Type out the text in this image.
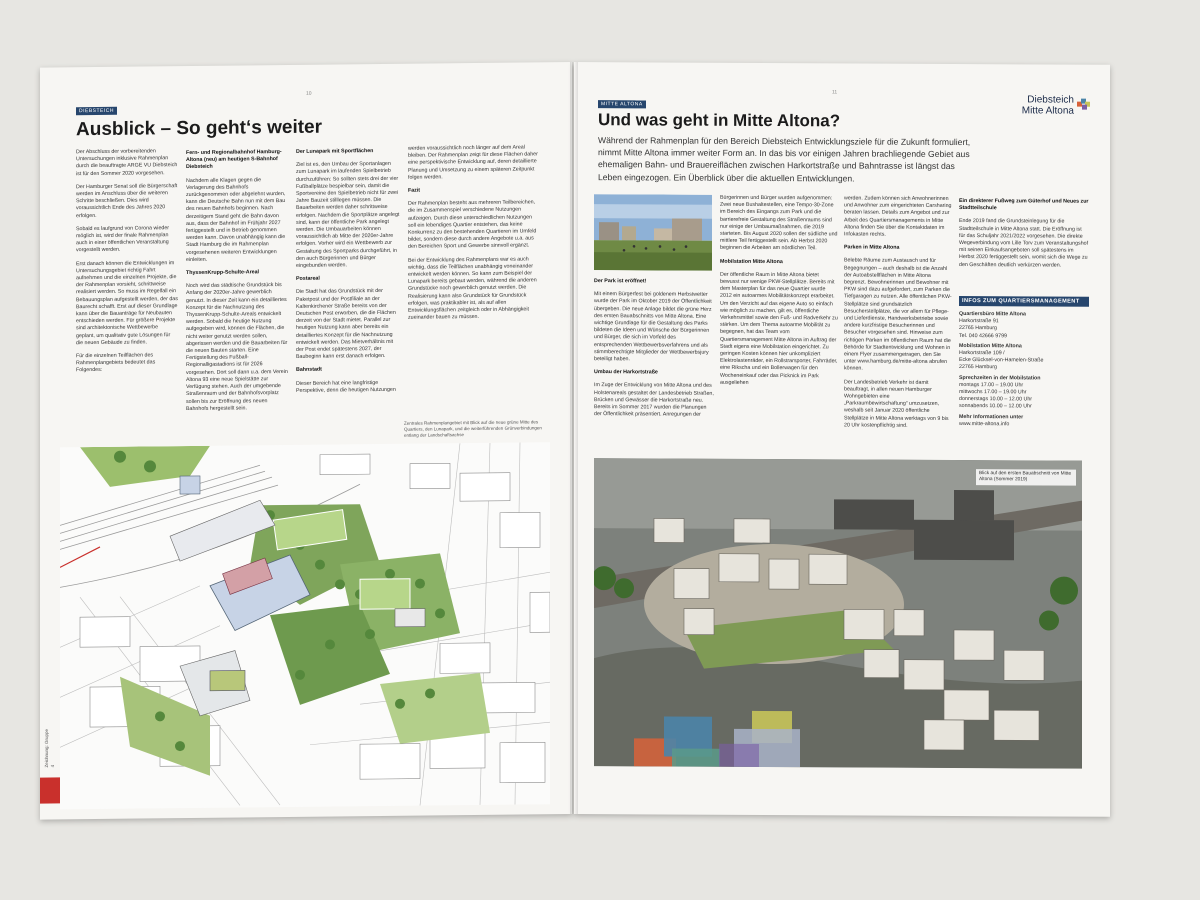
10
DIEBSTEICH
Ausblick – So geht‘s weiter

Der Abschluss der vorbereitenden Untersuchungen inklusive Rahmenplan durch die beauftragte ARGE VU Diebsteich ist für den Sommer 2020 vorgesehen.

Der Hamburger Senat soll die Bürgerschaft werden im Anschluss über die weiteren Schritte beschließen. Dies wird voraussichtlich Ende des Jahres 2020 erfolgen.

Sobald es laufgrund von Corona wieder möglich ist, wird der finale Rahmenplan auch in einer öffentlichen Veranstaltung vorgestellt werden.

Erst danach können die Entwicklungen im Untersuchungsgebiet richtig Fahrt aufnehmen und die einzelnen Projekte, die der Rahmenplan vorsieht, schrittweise realisiert werden. So muss im Regelfall ein Bebauungsplan aufgestellt werden, der das Baurecht schafft. Erst auf dieser Grundlage kann über die Bauanträge für Neubauten entschieden werden. Für größere Projekte sind architektonische Wettbewerbe geplant, um qualitativ gute Lösungen für die neuen Gebäude zu finden.

Für die einzelnen Teilflächen des Rahmenplangebiets bedeutet das Folgendes:

Fern- und Regionalbahnhof Hamburg-Altona (neu) am heutigen S-Bahnhof Diebsteich

Nachdem alle Klagen gegen die Verlagerung des Bahnhofs zurückgenommen oder abgelehnt wurden, kann die Deutsche Bahn nun mit dem Bau des neuen Bahnhofs beginnen. Nach derzeitigem Stand geht die Bahn davon aus, dass der Bahnhof im Frühjahr 2027 fertiggestellt und in Betrieb genommen werden kann. Davon unabhängig kann die Stadt Hamburg die im Rahmenplan vorgesehenen weiteren Entwicklungen einleiten.

ThyssenKrupp-Schulte-Areal

Noch wird das städtische Grundstück bis Anfang der 2020er-Jahre gewerblich genutzt. In dieser Zeit kann ein detailliertes Konzept für die Nachnutzung des ThyssenKrupp-Schulte-Areals entwickelt werden. Sobald die heutige Nutzung aufgegeben wird, können die Flächen, die nicht weiter genutzt werden sollen, abgerissen werden und die Bauarbeiten für die neuen Bauten starten. Eine Fertigstellung des Fußball-Regionalligastadions ist für 2026 vorgesehen. Dort soll dann u.a. dem Verein Altona 93 eine neue Spielstätte zur Verfügung stehen. Auch der umgebende Straßenraum und der Bahnhofsvorplatz sollen bis zur Eröffnung des neuen Bahnhofs hergestellt sein.

Der Lunapark mit Sportflächen

Ziel ist es, den Umbau der Sportanlagen zum Lunapark im laufenden Spielbetrieb durchzuführen: So sollten stets drei der vier Fußballplätze bespielbar sein, damit die Sportvereine den Spielbetrieb nicht für zwei Jahre Bauzeit stilllegen müssen. Die Bauarbeiten werden daher schrittweise erfolgen. Nachdem die Sportplätze angelegt sind, kann der öffentliche Park angelegt werden. Die Umbauarbeiten können voraussichtlich ab Mitte der 2020er-Jahre erfolgen. Vorher wird ein Wettbewerb zur Gestaltung des Sportparks durchgeführt, in den auch Bürgerinnen und Bürger eingebunden werden.

Postareal

Die Stadt hat das Grundstück mit der Paketpost und der Postfiliale an der Kaltenkirchener Straße bereits von der Deutschen Post erworben, die die Flächen derzeit von der Stadt mietet. Parallel zur heutigen Nutzung kann aber bereits ein detailliertes Konzept für die Nachnutzung entwickelt werden. Das Mietverhältnis mit der Post endet spätestens 2027, der Baubeginn kann erst danach erfolgen.

Bahnstadt

Dieser Bereich hat eine langfristige Perspektive, denn die heutigen Nutzungen

werden voraussichtlich noch länger auf dem Areal bleiben. Der Rahmenplan zeigt für diese Flächen daher eine perspektivische Entwicklung auf, deren detaillierte Planung und Umsetzung zu einem späteren Zeitpunkt folgen werden.

Fazit

Der Rahmenplan besteht aus mehreren Teilbereichen, die im Zusammenspiel verschiedene Nutzungen aufzeigen. Durch diese unterschiedlichen Nutzungen soll ein lebendiges Quartier entstehen, das keine Konkurrenz zu den bestehenden Quartieren im Umfeld bildet, sondern diese durch andere Angebote u.a. aus den Bereichen Sport und Gewerbe sinnvoll ergänzt.

Bei der Entwicklung des Rahmenplans war es auch wichtig, dass die Teilflächen unabhängig voneinander entwickelt werden können. So kann zum Beispiel der Lunapark bereits gebaut werden, während die anderen Grundstücke noch gewerblich genutzt werden. Die Realisierung kann also Grundstück für Grundstück erfolgen, was praktikabler ist, als auf allen Entwicklungsflächen zeitgleich oder in Abhängigkeit zueinander bauen zu müssen.

Zentrales Rahmenplangebiet mit Blick auf die neue grüne Mitte des Quartiers, den Lunapark, und die weiterführenden Grünverbindungen entlang der Landschaftsachse
Zeichnung: Gruppe 4
11
Diebsteich
Mitte Altona
MITTE ALTONA
Und was geht in Mitte Altona?
Während der Rahmenplan für den Bereich Diebsteich Entwicklungsziele für die Zukunft formuliert, nimmt Mitte Altona immer weiter Form an. In das bis vor einigen Jahren brachliegende Gebiet aus ehemaligen Bahn- und Brauereiflächen zwischen Harkortstraße und Bahntrasse ist längst das Leben eingezogen. Ein Überblick über die aktuellen Entwicklungen.

Der Park ist eröffnet!

Mit einem Bürgerfest bei goldenem Herbstwetter wurde der Park im Oktober 2019 der Öffentlichkeit übergeben. Die neue Anlage bildet die grüne Herz des ersten Bauabschnitts von Mitte Altona. Eine wichtige Grundlage für die Gestaltung des Parks bildeten die Ideen und Wünsche der Bürgerinnen und Bürger, die sich im Vorfeld des entsprechenden Wettbewerbsverfahrens und als stimmberechtigte Mitglieder der Wettbewerbsjury beteiligt haben.

Umbau der Harkortstraße

Im Zuge der Entwicklung von Mitte Altona und des Holstenareals gestaltet der Landesbetrieb Straßen, Brücken und Gewässer die Harkortstraße neu. Bereits im Sommer 2017 wurden die Planungen der Öffentlichkeit präsentiert. Anregungen der

Bürgerinnen und Bürger wurden aufgenommen: Zwei neue Bushaltestellen, eine Tempo-30-Zone im Bereich des Eingangs zum Park und die barrierefreie Gestaltung des Straßenraums sind nur einige der Umbaumaßnahmen, die 2019 starteten. Bis August 2020 sollen der südliche und mittlere Teil fertiggestellt sein. Ab Herbst 2020 beginnen die Arbeiten am nördlichen Teil.

Mobilstation Mitte Altona

Der öffentliche Raum in Mitte Altona bietet bewusst nur wenige PKW-Stellplätze. Bereits mit dem Masterplan für das neue Quartier wurde 2012 ein autoarmes Mobilitätskonzept erarbeitet. Um den Verzicht auf das eigene Auto so einfach wie möglich zu machen, gilt es, öffentliche Verkehrsmittel sowie den Fuß- und Radverkehr zu stärken. Um dem Thema autoarme Mobilität zu begegnen, hat das Team vom Quartiersmanagement Mitte Altona im Auftrag der Stadt eigens eine Mobilstation eingerichtet. Zu geringen Kosten können hier unkompliziert Elektrolastenräder, ein Rollstrarsporter, Fahrräder, eine Rikscha und ein Bollerwagen für den Wocheneinkauf oder das Picknick im Park ausgeliehen

werden. Zudem können sich Anwohnerinnen und Anwohner zum eingerichteten Carsharing beraten lassen. Details zum Angebot und zur Arbeit des Quartiersmanagements in Mitte Altona finden Sie über die Kontaktdaten im Infokasten rechts.

Parken in Mitte Altona

Belebte Räume zum Austausch und für Begegnungen – auch deshalb ist die Anzahl der Autoabstellflächen in Mitte Altona begrenzt. Bewohnerinnen und Bewohner mit PKW sind dazu aufgefordert, zum Parken die Tiefgaragen zu nutzen. Alle öffentlichen PKW-Stellplätze sind grundsätzlich Besucherstellplätze, die vor allem für Pflege- und Lieferdienste, Handwerksbetriebe sowie andere kurzfristige Besucherinnen und Besucher vorgesehen sind. Hinweise zum richtigen Parken im öffentlichen Raum hat die Behörde für Stadtentwicklung und Wohnen in einem Flyer zusammengetragen, den Sie unter www.hamburg.de/mitte-altona abrufen können.

Der Landesbetrieb Verkehr ist damit beauftragt, in allen neuen Hamburger Wohngebieten eine „Parkraumbewirtschaftung“ umzusetzen, weshalb seit Januar 2020 öffentliche Stellplätze in Mitte Altona werktags von 9 bis 20 Uhr kostenpflichtig sind.

Ein direkterer Fußweg zum Güterhof und Neues zur Stadtteilschule

Ende 2019 fand die Grundsteinlegung für die Stadtteilschule in Mitte Altona statt. Die Eröffnung ist für das Schuljahr 2021/2022 vorgesehen. Die direkte Wegeverbindung vom Lille Torv zum Veranstaltungshof mit seinen Einkaufsangeboten soll spätestens im Herbst 2020 fertiggestellt sein, womit sich die Wege zu den Geschäften deutlich verkürzen werden.

INFOS ZUM QUARTIERSMANAGEMENT
Quartiersbüro Mitte Altona
Harkortstraße 91
22765 Hamburg
Tel. 040 42666 9799
Mobilstation Mitte Altona
Harkortstraße 109 /
Ecke Glücksel-von-Hamelen-Straße
22765 Hamburg
Sprechzeiten in der Mobilstation
montags 17.00 – 19.00 Uhr
mittwochs 17.00 – 19.00 Uhr
donnerstags 10.00 – 12.00 Uhr
sonnabends 10.00 – 12.00 Uhr
Mehr Informationen unter
www.mitte-altona.info
Blick auf den ersten Bauabschnitt von Mitte Altona (Sommer 2019)
